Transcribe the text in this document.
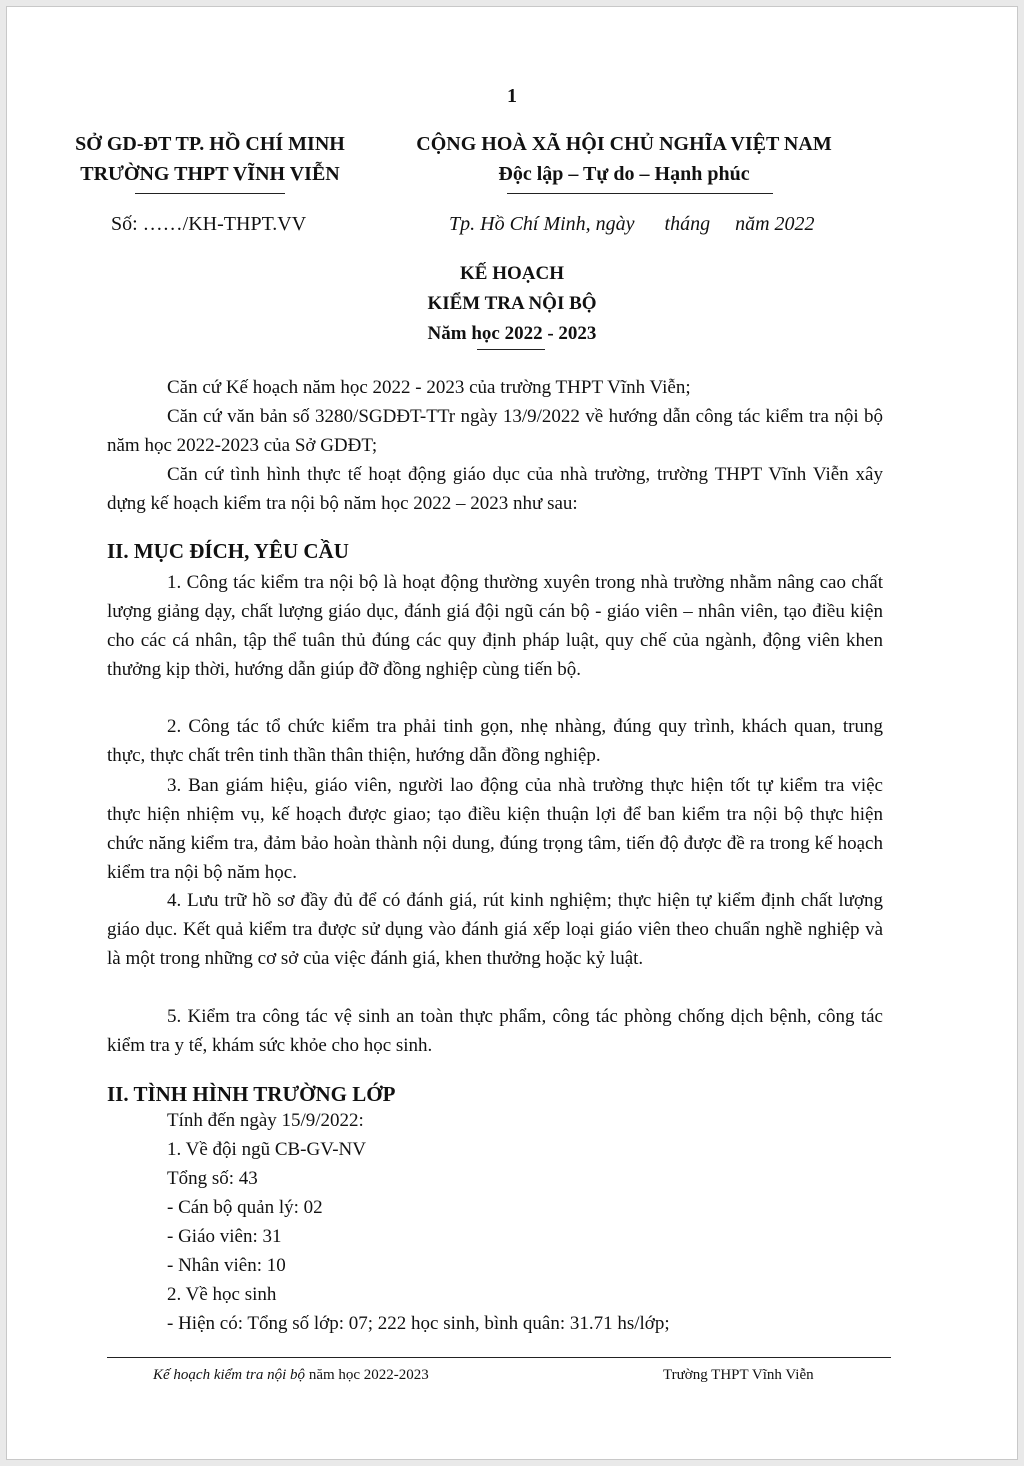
1
SỞ GD-ĐT TP. HỒ CHÍ MINH
TRƯỜNG THPT VĨNH VIỄN
CỘNG HOÀ XÃ HỘI CHỦ NGHĨA VIỆT NAM
Độc lập – Tự do – Hạnh phúc
Số: ……/KH-THPT.VV	Tp. Hồ Chí Minh, ngày      tháng     năm 2022
KẾ HOẠCH
KIỂM TRA NỘI BỘ
Năm học 2022 - 2023
Căn cứ Kế hoạch năm học 2022 - 2023 của trường THPT Vĩnh Viễn;
Căn cứ văn bản số 3280/SGDĐT-TTr ngày 13/9/2022 về hướng dẫn công tác kiểm tra nội bộ năm học 2022-2023 của Sở GDĐT;
Căn cứ tình hình thực tế hoạt động giáo dục của nhà trường, trường THPT Vĩnh Viễn xây dựng kế hoạch kiểm tra nội bộ năm học 2022 – 2023 như sau:
II. MỤC ĐÍCH, YÊU CẦU
1. Công tác kiểm tra nội bộ là hoạt động thường xuyên trong nhà trường nhằm nâng cao chất lượng giảng dạy, chất lượng giáo dục, đánh giá đội ngũ cán bộ - giáo viên – nhân viên, tạo điều kiện cho các cá nhân, tập thể tuân thủ đúng các quy định pháp luật, quy chế của ngành, động viên khen thưởng kịp thời, hướng dẫn giúp đỡ đồng nghiệp cùng tiến bộ.
2. Công tác tổ chức kiểm tra phải tinh gọn, nhẹ nhàng, đúng quy trình, khách quan, trung thực, thực chất trên tinh thần thân thiện, hướng dẫn đồng nghiệp.
3. Ban giám hiệu, giáo viên, người lao động của nhà trường thực hiện tốt tự kiểm tra việc thực hiện nhiệm vụ, kế hoạch được giao; tạo điều kiện thuận lợi để ban kiểm tra nội bộ thực hiện chức năng kiểm tra, đảm bảo hoàn thành nội dung, đúng trọng tâm, tiến độ được đề ra trong kế hoạch kiểm tra nội bộ năm học.
4. Lưu trữ hồ sơ đầy đủ để có đánh giá, rút kinh nghiệm; thực hiện tự kiểm định chất lượng giáo dục. Kết quả kiểm tra được sử dụng vào đánh giá xếp loại giáo viên theo chuẩn nghề nghiệp và là một trong những cơ sở của việc đánh giá, khen thưởng hoặc kỷ luật.
5. Kiểm tra công tác vệ sinh an toàn thực phẩm, công tác phòng chống dịch bệnh, công tác kiểm tra y tế, khám sức khỏe cho học sinh.
II. TÌNH HÌNH TRƯỜNG LỚP
Tính đến ngày 15/9/2022:
1. Về đội ngũ CB-GV-NV
Tổng số: 43
- Cán bộ quản lý: 02
- Giáo viên: 31
- Nhân viên: 10
2. Về học sinh
- Hiện có: Tổng số lớp: 07; 222 học sinh, bình quân: 31.71 hs/lớp;
Kế hoạch kiểm tra nội bộ năm học 2022-2023	Trường THPT Vĩnh Viễn
